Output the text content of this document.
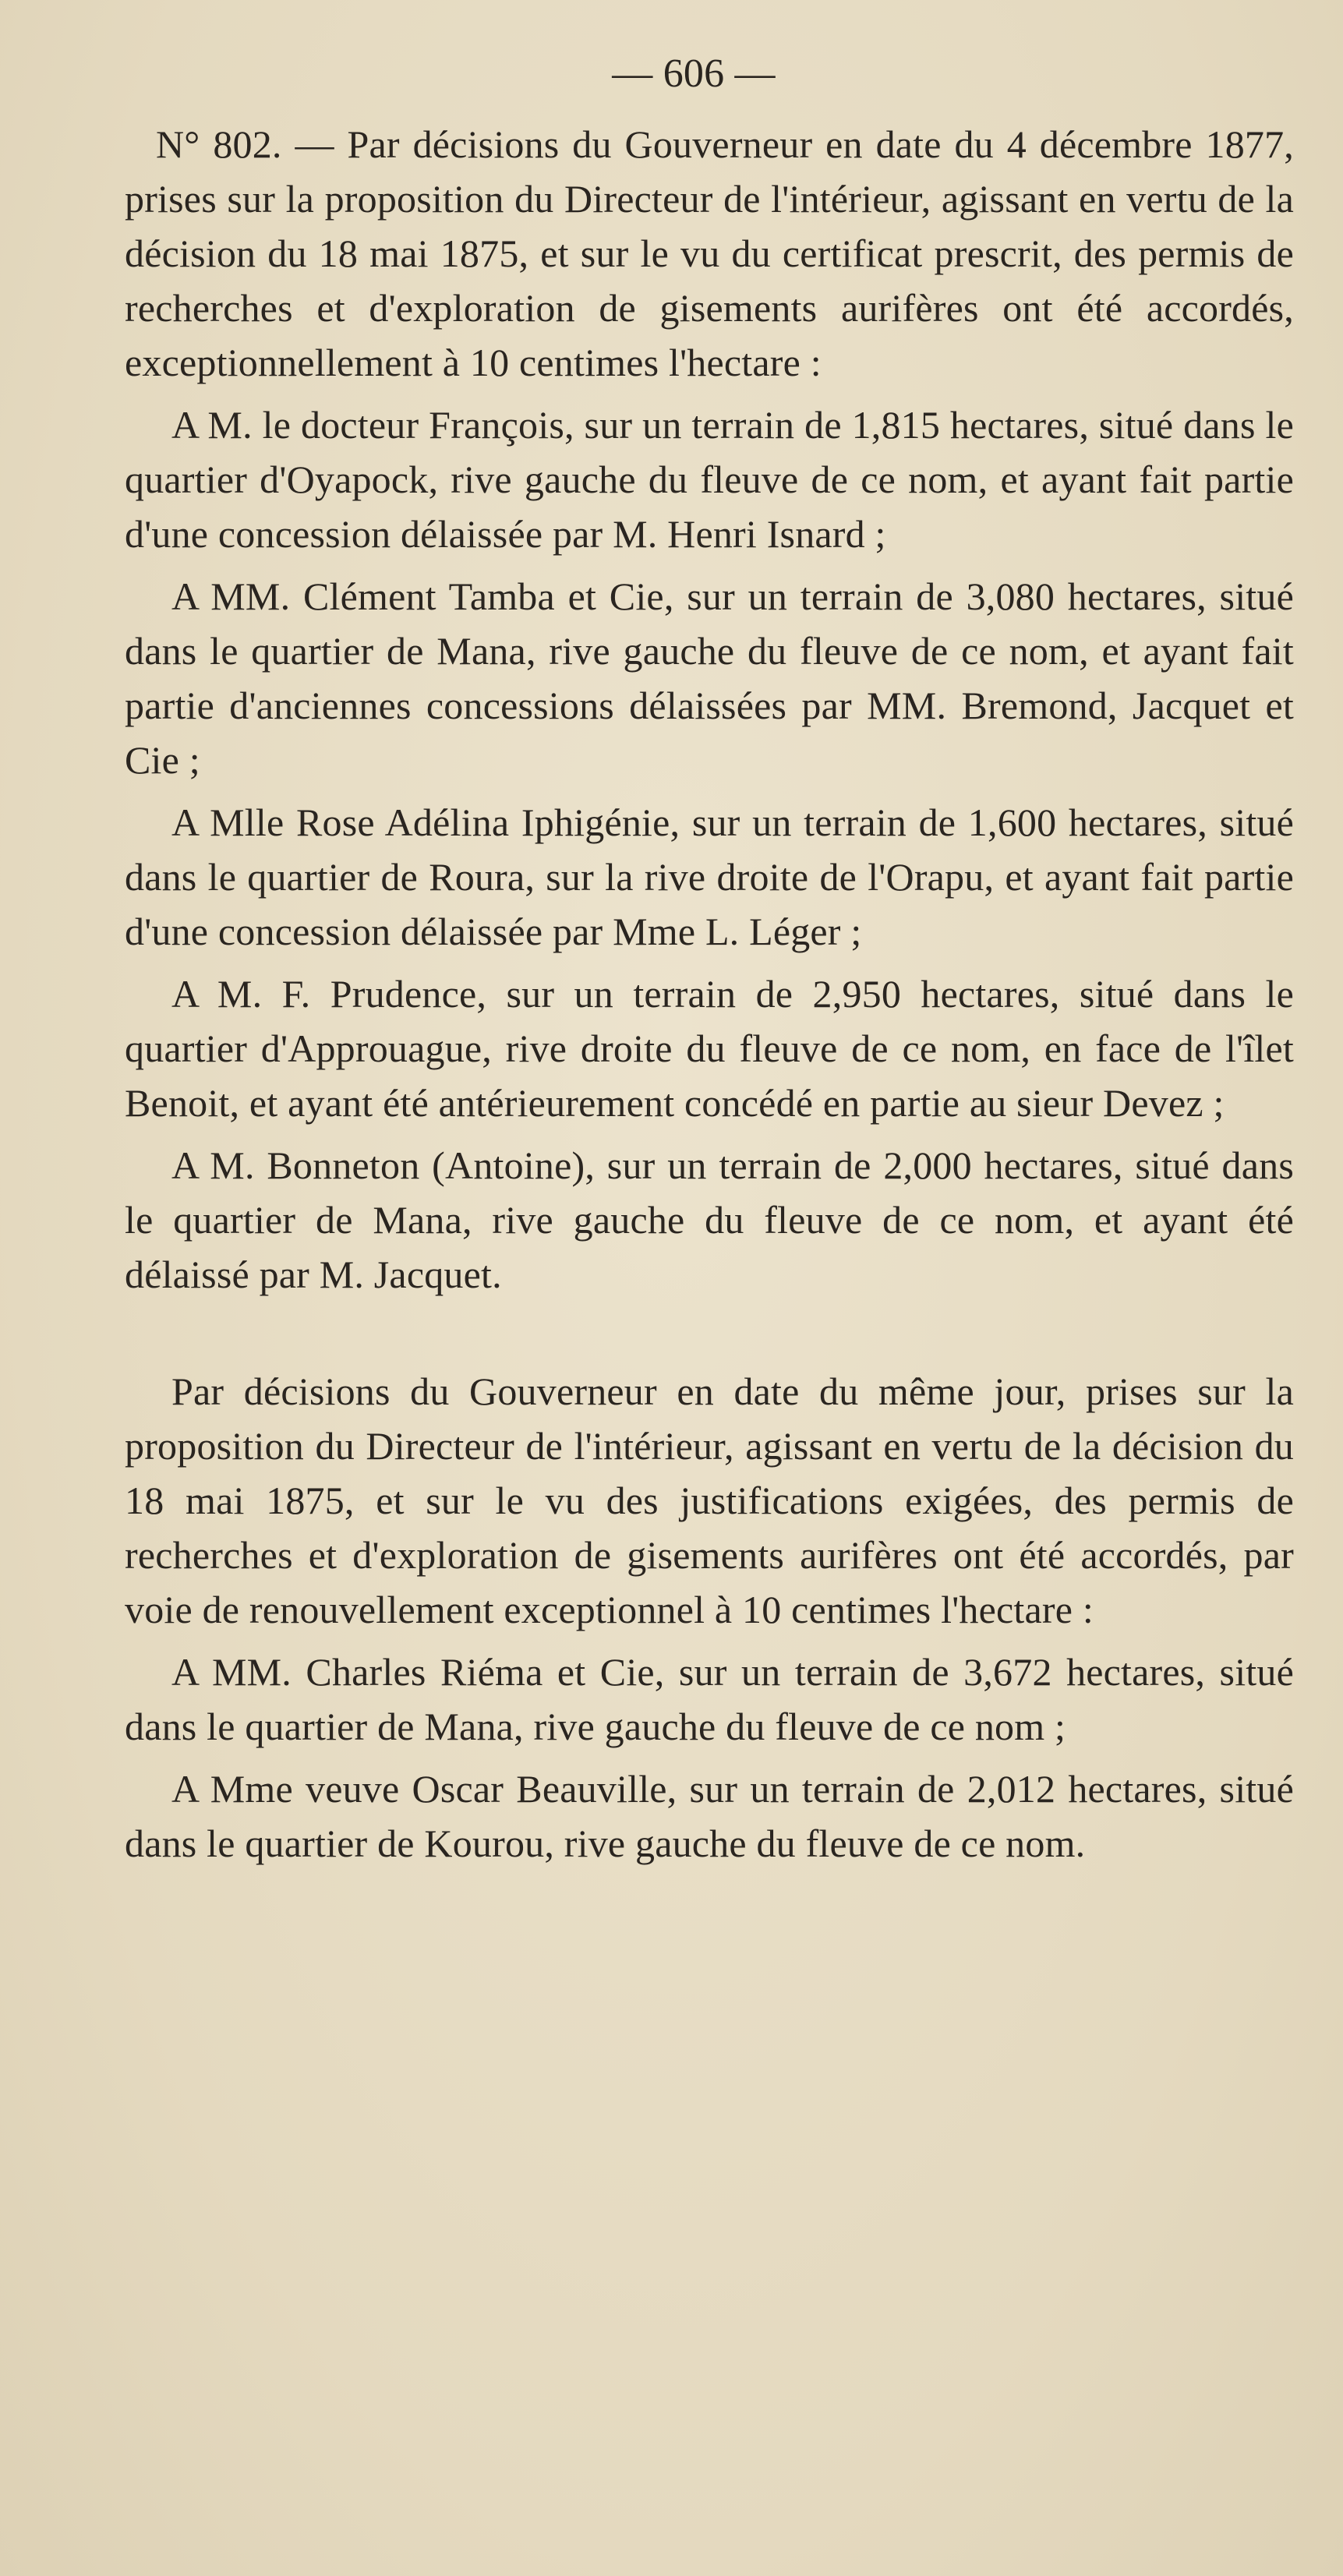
— 606 —

N° 802. — Par décisions du Gouverneur en date du 4 décembre 1877, prises sur la proposition du Directeur de l'intérieur, agissant en vertu de la décision du 18 mai 1875, et sur le vu du certificat prescrit, des permis de recherches et d'exploration de gisements aurifères ont été accordés, exceptionnellement à 10 centimes l'hectare :

A M. le docteur François, sur un terrain de 1,815 hectares, situé dans le quartier d'Oyapock, rive gauche du fleuve de ce nom, et ayant fait partie d'une concession délaissée par M. Henri Isnard ;

A MM. Clément Tamba et Cie, sur un terrain de 3,080 hectares, situé dans le quartier de Mana, rive gauche du fleuve de ce nom, et ayant fait partie d'anciennes concessions délaissées par MM. Bremond, Jacquet et Cie ;

A Mlle Rose Adélina Iphigénie, sur un terrain de 1,600 hectares, situé dans le quartier de Roura, sur la rive droite de l'Orapu, et ayant fait partie d'une concession délaissée par Mme L. Léger ;

A M. F. Prudence, sur un terrain de 2,950 hectares, situé dans le quartier d'Approuague, rive droite du fleuve de ce nom, en face de l'îlet Benoit, et ayant été antérieurement concédé en partie au sieur Devez ;

A M. Bonneton (Antoine), sur un terrain de 2,000 hectares, situé dans le quartier de Mana, rive gauche du fleuve de ce nom, et ayant été délaissé par M. Jacquet.

Par décisions du Gouverneur en date du même jour, prises sur la proposition du Directeur de l'intérieur, agissant en vertu de la décision du 18 mai 1875, et sur le vu des justifications exigées, des permis de recherches et d'exploration de gisements aurifères ont été accordés, par voie de renouvellement exceptionnel à 10 centimes l'hectare :

A MM. Charles Riéma et Cie, sur un terrain de 3,672 hectares, situé dans le quartier de Mana, rive gauche du fleuve de ce nom ;

A Mme veuve Oscar Beauville, sur un terrain de 2,012 hectares, situé dans le quartier de Kourou, rive gauche du fleuve de ce nom.
